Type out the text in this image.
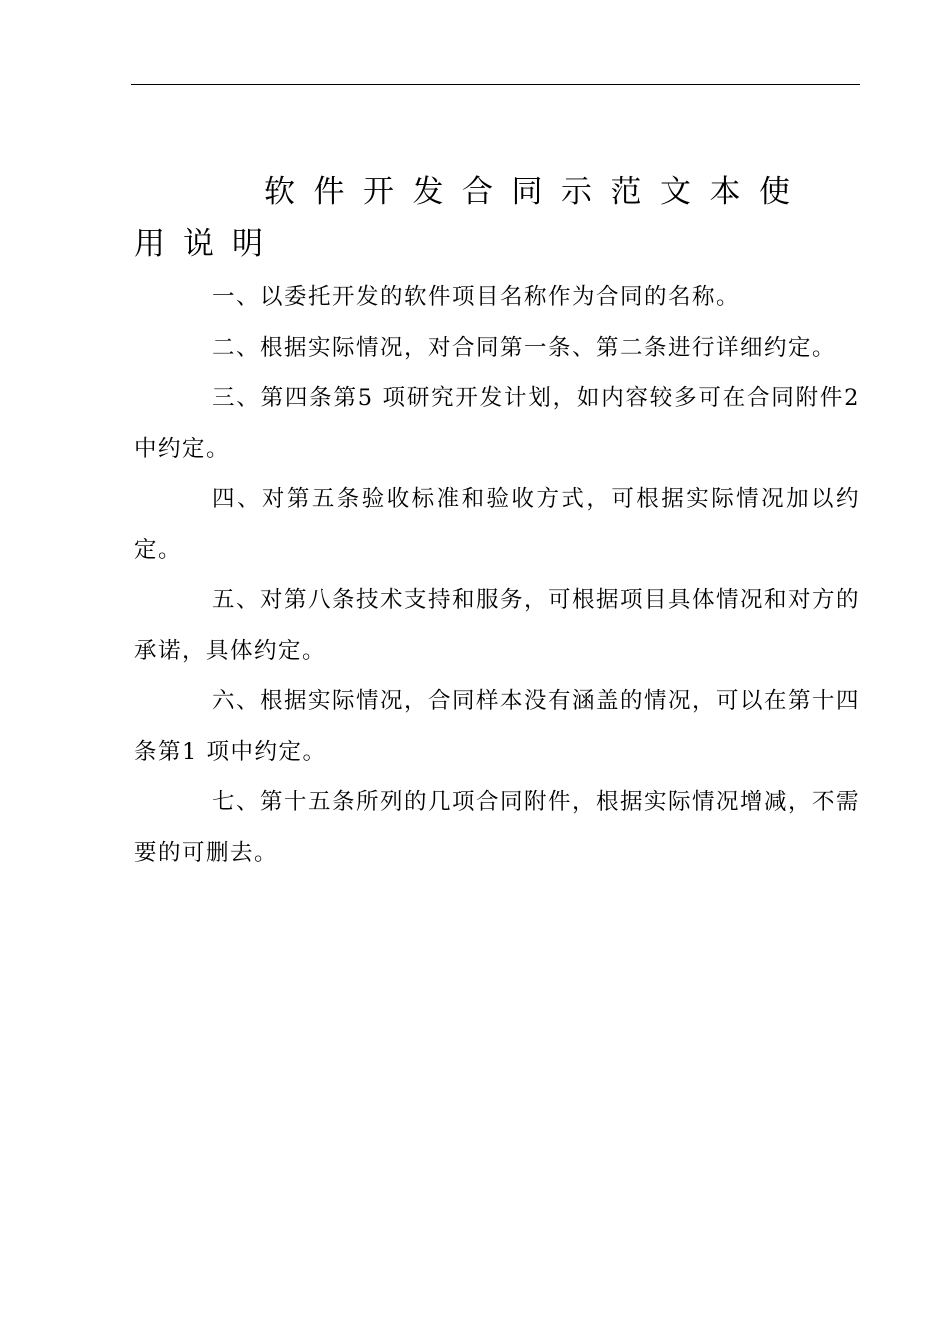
软件开发合同示范文本使
用说明

一、以委托开发的软件项目名称作为合同的名称。

二、根据实际情况，对合同第一条、第二条进行详细约定。

三、第四条第5 项研究开发计划，如内容较多可在合同附件2 中约定。

四、对第五条验收标准和验收方式，可根据实际情况加以约定。

五、对第八条技术支持和服务，可根据项目具体情况和对方的承诺，具体约定。

六、根据实际情况，合同样本没有涵盖的情况，可以在第十四条第1 项中约定。

七、第十五条所列的几项合同附件，根据实际情况增减，不需要的可删去。
